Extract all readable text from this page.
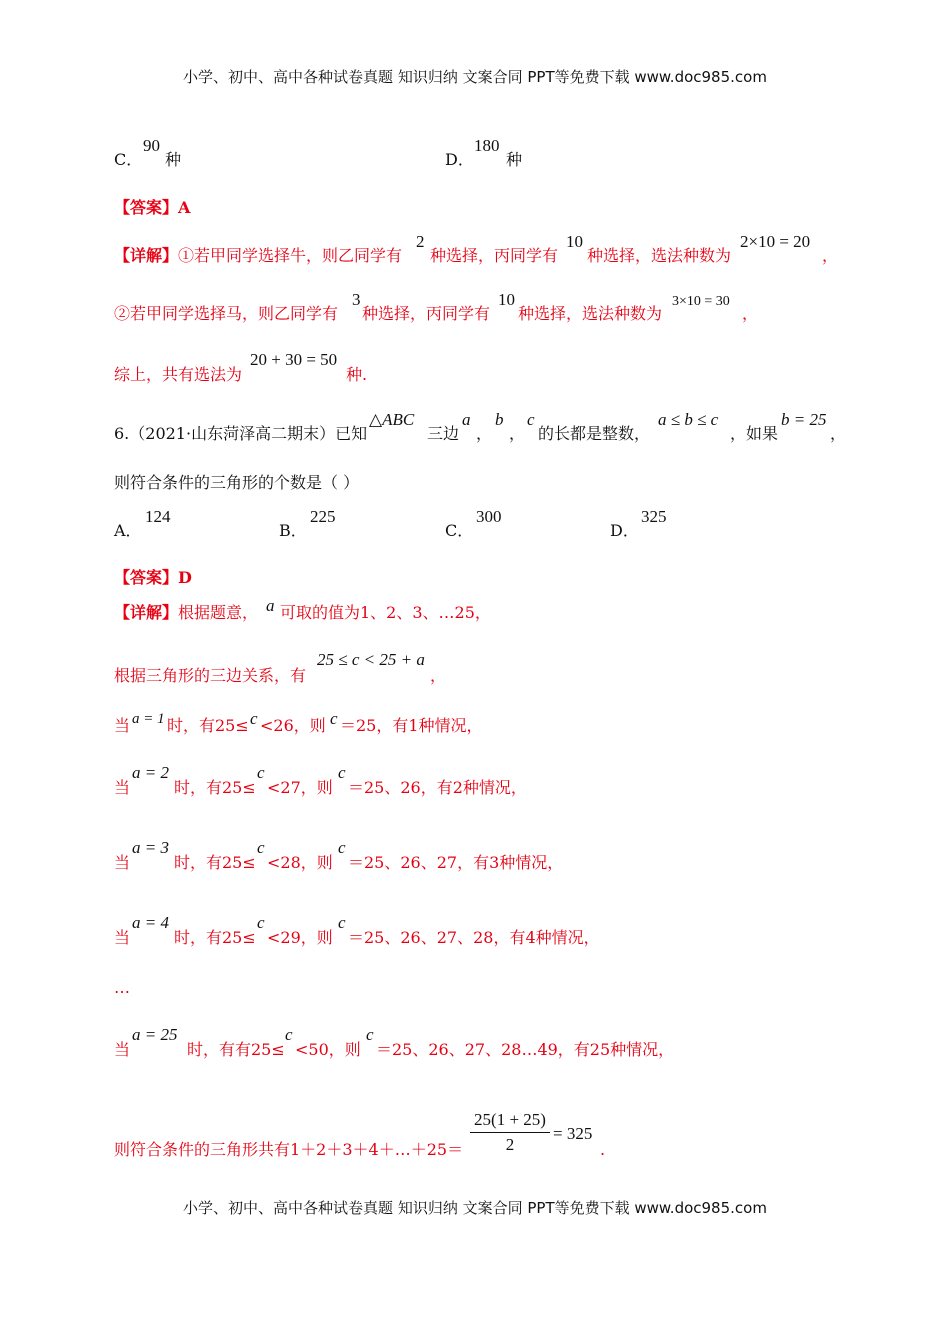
小学、初中、高中各种试卷真题 知识归纳 文案合同 PPT等免费下载 www.doc985.com
C．
90
种	D．
180
种
【答案】A
【详解】①若甲同学选择牛，则乙同学有
2
种选择，丙同学有
10
种选择，选法种数为
2×10 = 20
，
②若甲同学选择马，则乙同学有
3
种选择，丙同学有
10
种选择，选法种数为
3×10 = 30
，
综上，共有选法为
20 + 30 = 50
种.
6.（2021·山东菏泽高二期末）已知
△ABC
三边
a
，
b
，
c
的长都是整数，
a ≤ b ≤ c
，如果
b = 25
，
则符合条件的三角形的个数是（ ）
A．
124
B．
225
C．
300
D．
325
【答案】D
【详解】根据题意， a 可取的值为1、2、3、…25，
根据三角形的三边关系，有
25 ≤ c < 25 + a
，
当 a = 1 时，有25≤ c <26，则 c ＝25，有1种情况，
当
a = 2
时，有25≤
c
<27，则
c
＝25、26，有2种情况，
当
a = 3
时，有25≤
c
<28，则
c
＝25、26、27，有3种情况，
当
a = 4
时，有25≤
c
<29，则
c
＝25、26、27、28，有4种情况，
…
当
a = 25
时，有有25≤
c
<50，则
c
＝25、26、27、28…49，有25种情况，
则符合条件的三角形共有1＋2＋3＋4＋…＋25＝
25(1 + 25)
2
= 325
.
小学、初中、高中各种试卷真题 知识归纳 文案合同 PPT等免费下载 www.doc985.com
